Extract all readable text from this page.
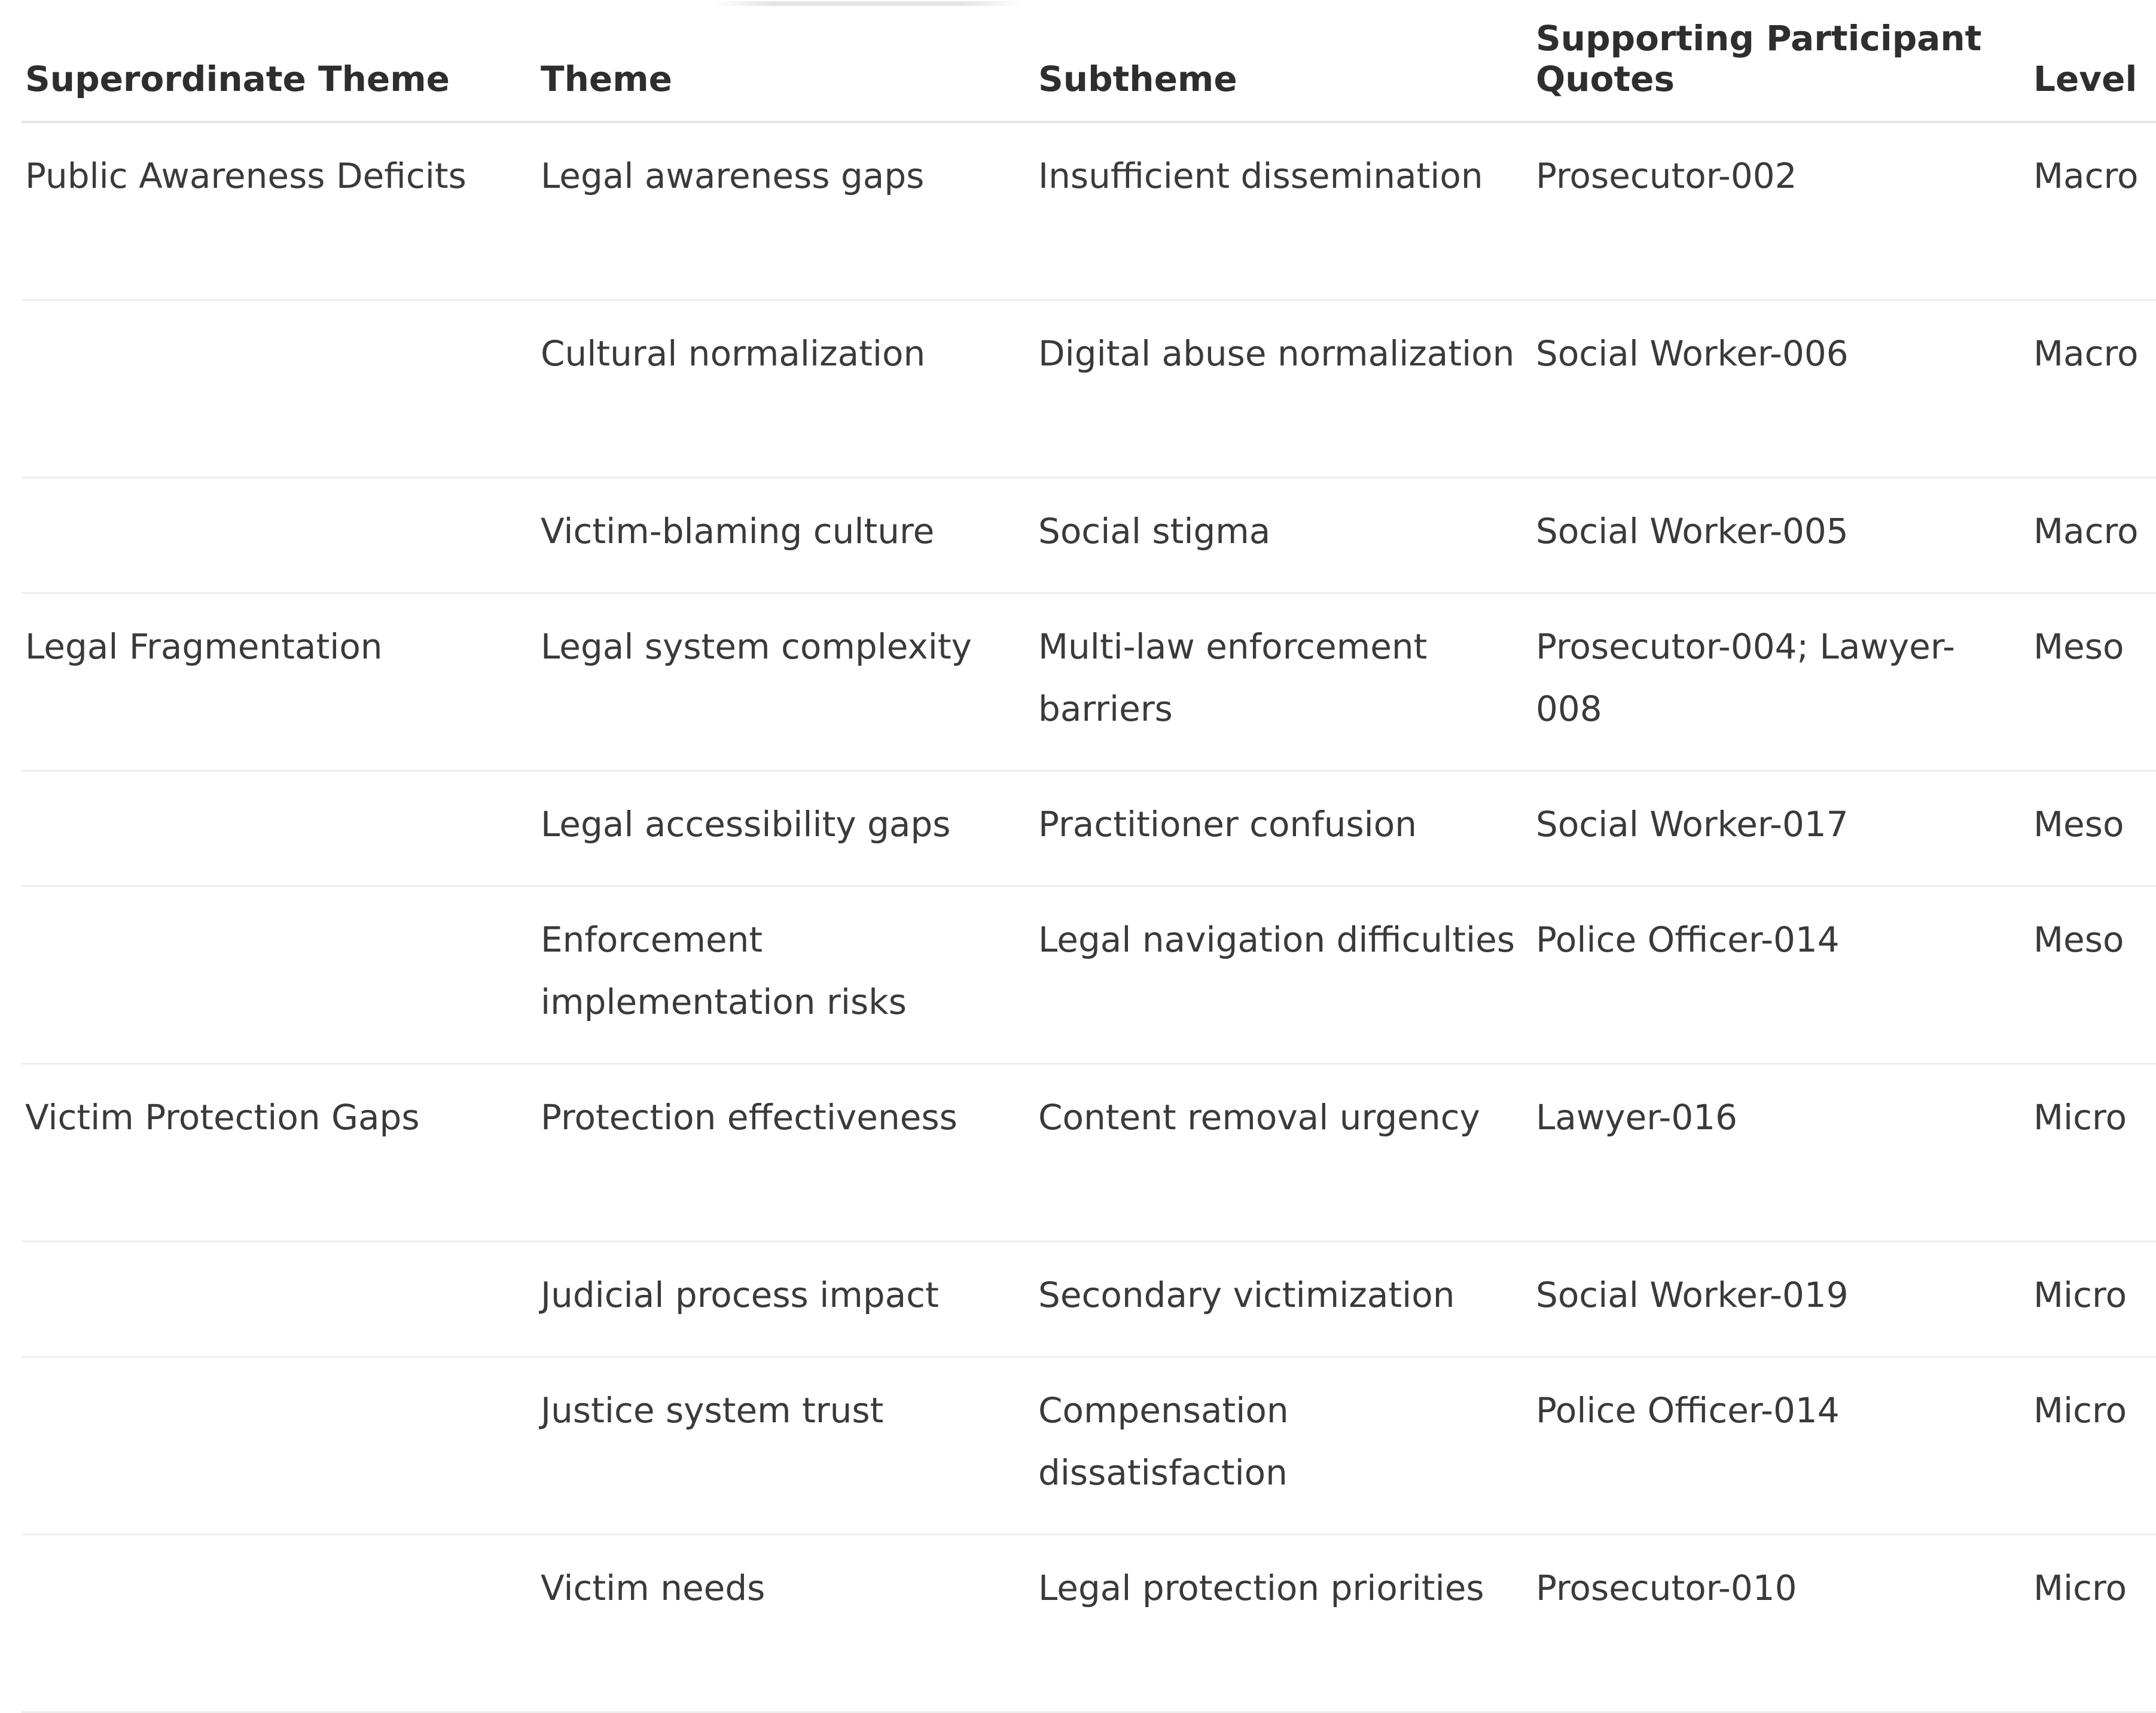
Superordinate Theme	Theme	Subtheme	Supporting Participant Quotes	Level
Public Awareness Deficits	Legal awareness gaps	Insufficient dissemination	Prosecutor-002	Macro
	Cultural normalization	Digital abuse normalization	Social Worker-006	Macro
	Victim-blaming culture	Social stigma	Social Worker-005	Macro
Legal Fragmentation	Legal system complexity	Multi-law enforcement barriers	Prosecutor-004; Lawyer-008	Meso
	Legal accessibility gaps	Practitioner confusion	Social Worker-017	Meso
	Enforcement implementation risks	Legal navigation difficulties	Police Officer-014	Meso
Victim Protection Gaps	Protection effectiveness	Content removal urgency	Lawyer-016	Micro
	Judicial process impact	Secondary victimization	Social Worker-019	Micro
	Justice system trust	Compensation dissatisfaction	Police Officer-014	Micro
	Victim needs	Legal protection priorities	Prosecutor-010	Micro
